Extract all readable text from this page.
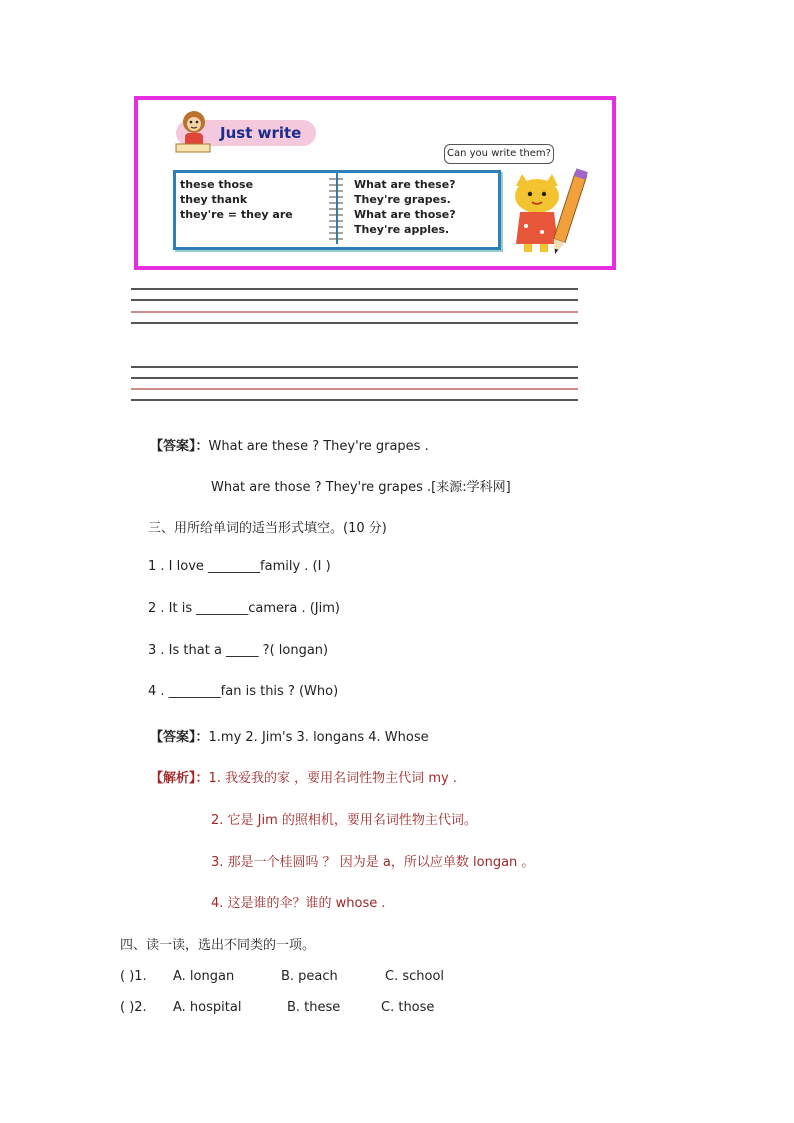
Just write
these those
they thank
they're = they are
What are these?
They're grapes.
What are those?
They're apples.
Can you write them?
【答案】：What are these ? They're grapes .
What are those ? They're grapes .[来源:学科网]
三、用所给单词的适当形式填空。(10 分)
1 . I love ________family . (I )
2 . It is ________camera . (Jim)
3 . Is that a _____ ?( longan)
4 . ________fan is this ? (Who)
【答案】：1.my 2. Jim's 3. longans 4. Whose
【解析】：1. 我爱我的家 ，要用名词性物主代词 my .
2. 它是 Jim 的照相机，要用名词性物主代词。
3. 那是一个桂圆吗 ？ 因为是 a，所以应单数 longan 。
4. 这是谁的伞？谁的 whose .
四、读一读，选出不同类的一项。
( )1. A. longan	B. peach	C. school
( )2. A. hospital	B. these	C. those
